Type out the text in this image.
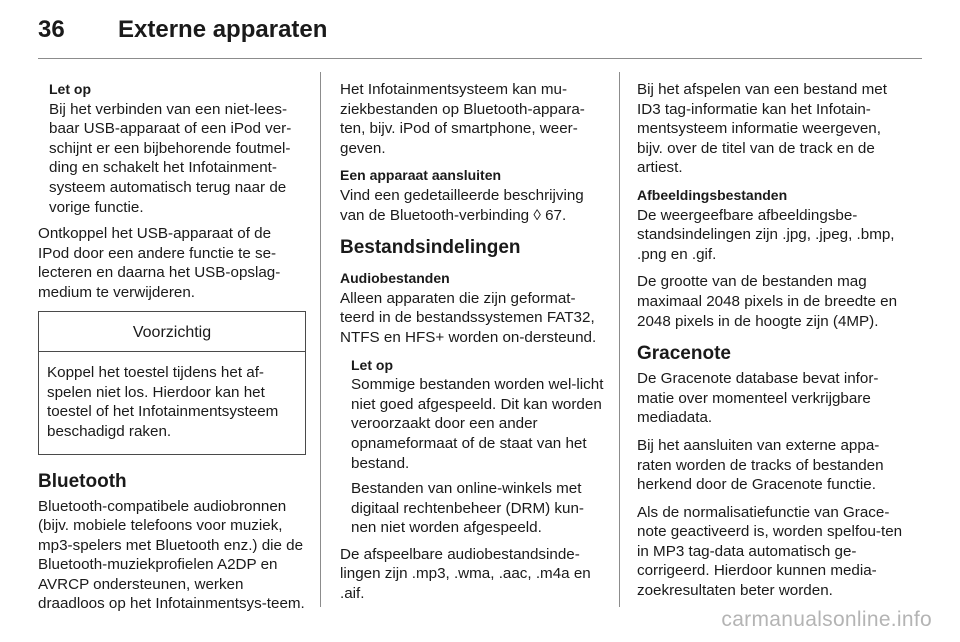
36 Externe apparaten
Let op

Bij het verbinden van een niet-lees-baar USB-apparaat of een iPod ver-schijnt er een bijbehorende foutmel-ding en schakelt het Infotainment-systeem automatisch terug naar de vorige functie.

Ontkoppel het USB-apparaat of de IPod door een andere functie te se-lecteren en daarna het USB-opslag-medium te verwijderen.

Voorzichtig
Koppel het toestel tijdens het af-spelen niet los. Hierdoor kan het toestel of het Infotainmentsysteem beschadigd raken.
Bluetooth

Bluetooth-compatibele audiobronnen (bijv. mobiele telefoons voor muziek, mp3-spelers met Bluetooth enz.) die de Bluetooth-muziekprofielen A2DP en AVRCP ondersteunen, werken draadloos op het Infotainmentsys-teem.

Het Infotainmentsysteem kan mu-ziekbestanden op Bluetooth-appara-ten, bijv. iPod of smartphone, weer-geven.

Een apparaat aansluiten

Vind een gedetailleerde beschrijving van de Bluetooth-verbinding ◊ 67.

Bestandsindelingen
Audiobestanden

Alleen apparaten die zijn geformat-teerd in de bestandssystemen FAT32, NTFS en HFS+ worden on-dersteund.

Let op

Sommige bestanden worden wel-licht niet goed afgespeeld. Dit kan worden veroorzaakt door een ander opnameformaat of de staat van het bestand.

Bestanden van online-winkels met digitaal rechtenbeheer (DRM) kun-nen niet worden afgespeeld.

De afspeelbare audiobestandsinde-lingen zijn .mp3, .wma, .aac, .m4a en .aif.

Bij het afspelen van een bestand met ID3 tag-informatie kan het Infotain-mentsysteem informatie weergeven, bijv. over de titel van de track en de artiest.

Afbeeldingsbestanden

De weergeefbare afbeeldingsbe-standsindelingen zijn .jpg, .jpeg, .bmp, .png en .gif.

De grootte van de bestanden mag maximaal 2048 pixels in de breedte en 2048 pixels in de hoogte zijn (4MP).

Gracenote

De Gracenote database bevat infor-matie over momenteel verkrijgbare mediadata.

Bij het aansluiten van externe appa-raten worden de tracks of bestanden herkend door de Gracenote functie.

Als de normalisatiefunctie van Grace-note geactiveerd is, worden spelfou-ten in MP3 tag-data automatisch ge-corrigeerd. Hierdoor kunnen media-zoekresultaten beter worden.

carmanualsonline.info
